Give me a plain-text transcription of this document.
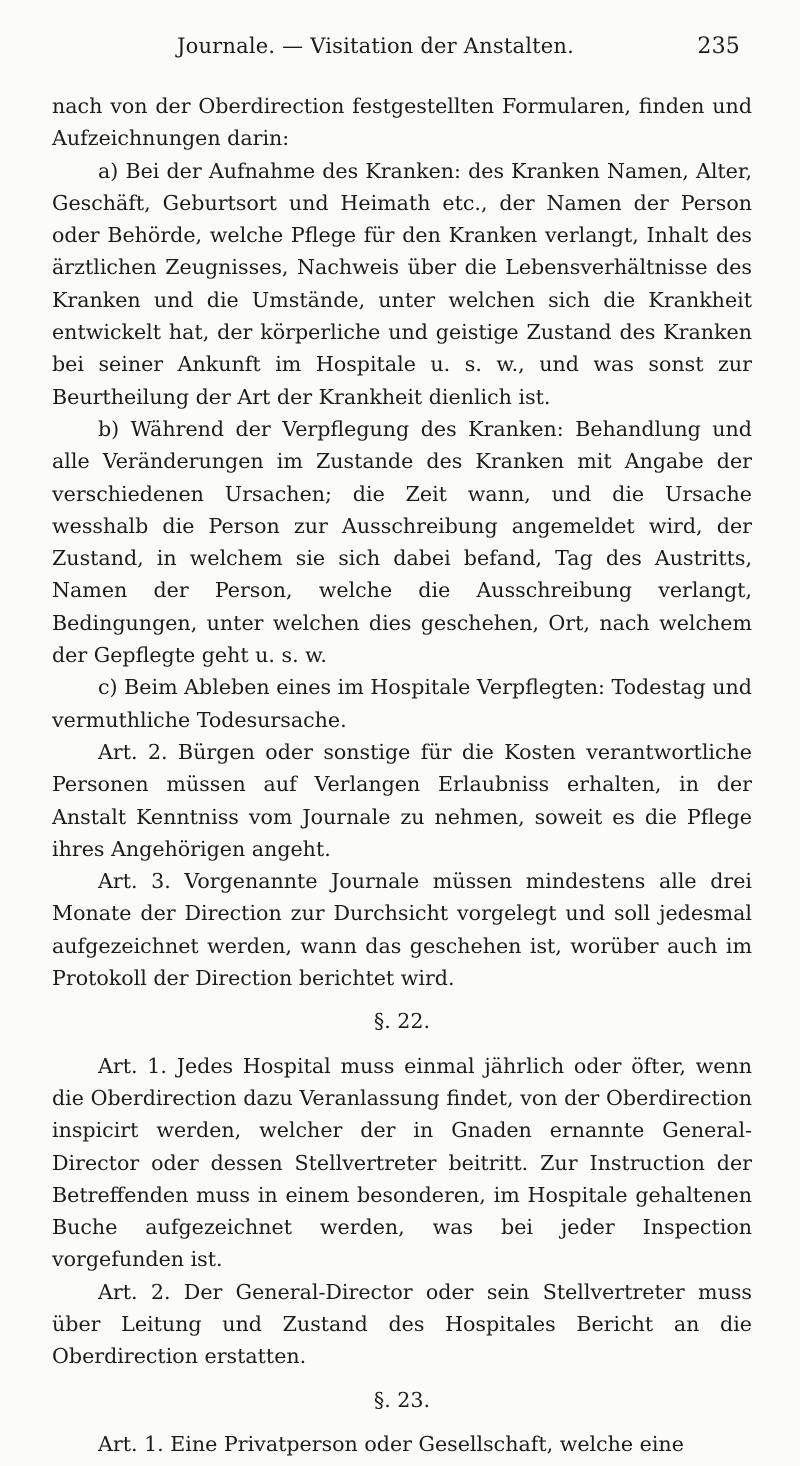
Journale. — Visitation der Anstalten.	235

nach von der Oberdirection festgestellten Formularen, finden und Aufzeichnungen darin:

a) Bei der Aufnahme des Kranken: des Kranken Namen, Alter, Geschäft, Geburtsort und Heimath etc., der Namen der Person oder Behörde, welche Pflege für den Kranken verlangt, Inhalt des ärztlichen Zeugnisses, Nachweis über die Lebensverhältnisse des Kranken und die Umstände, unter welchen sich die Krankheit entwickelt hat, der körperliche und geistige Zustand des Kranken bei seiner Ankunft im Hospitale u. s. w., und was sonst zur Beurtheilung der Art der Krankheit dienlich ist.

b) Während der Verpflegung des Kranken: Behandlung und alle Veränderungen im Zustande des Kranken mit Angabe der verschiedenen Ursachen; die Zeit wann, und die Ursache wesshalb die Person zur Ausschreibung angemeldet wird, der Zustand, in welchem sie sich dabei befand, Tag des Austritts, Namen der Person, welche die Ausschreibung verlangt, Bedingungen, unter welchen dies geschehen, Ort, nach welchem der Gepflegte geht u. s. w.

c) Beim Ableben eines im Hospitale Verpflegten: Todestag und vermuthliche Todesursache.

Art. 2. Bürgen oder sonstige für die Kosten verantwortliche Personen müssen auf Verlangen Erlaubniss erhalten, in der Anstalt Kenntniss vom Journale zu nehmen, soweit es die Pflege ihres Angehörigen angeht.

Art. 3. Vorgenannte Journale müssen mindestens alle drei Monate der Direction zur Durchsicht vorgelegt und soll jedesmal aufgezeichnet werden, wann das geschehen ist, worüber auch im Protokoll der Direction berichtet wird.

§. 22.

Art. 1. Jedes Hospital muss einmal jährlich oder öfter, wenn die Oberdirection dazu Veranlassung findet, von der Oberdirection inspicirt werden, welcher der in Gnaden ernannte General-Director oder dessen Stellvertreter beitritt. Zur Instruction der Betreffenden muss in einem besonderen, im Hospitale gehaltenen Buche aufgezeichnet werden, was bei jeder Inspection vorgefunden ist.

Art. 2. Der General-Director oder sein Stellvertreter muss über Leitung und Zustand des Hospitales Bericht an die Oberdirection erstatten.

§. 23.

Art. 1. Eine Privatperson oder Gesellschaft, welche eine
